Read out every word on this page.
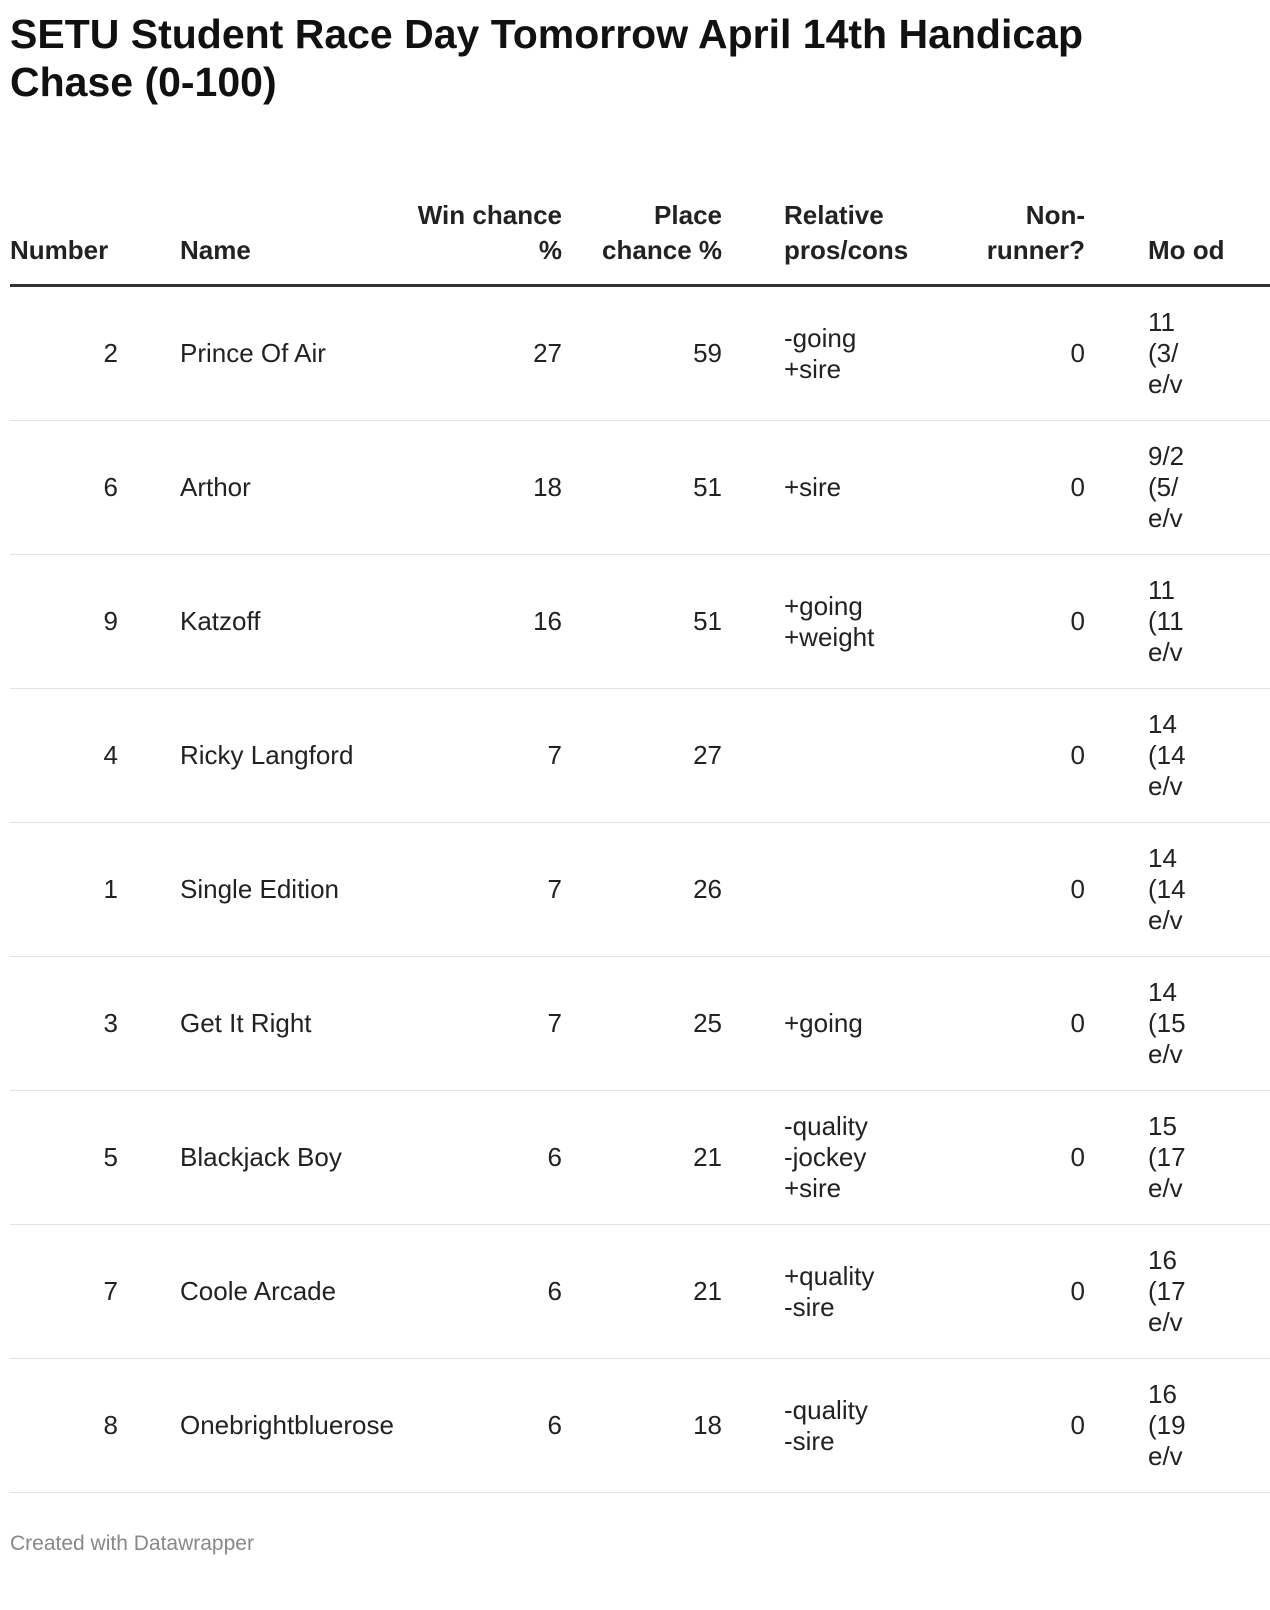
SETU Student Race Day Tomorrow April 14th Handicap Chase (0-100)
Number	Name	Win chance %	Place chance %	Relative pros/cons	Non-runner?	Mo od
2	Prince Of Air	27	59	-going
+sire	0	11
(3/
e/v
6	Arthor	18	51	+sire	0	9/2
(5/
e/v
9	Katzoff	16	51	+going
+weight	0	11
(11
e/v
4	Ricky Langford	7	27		0	14
(14
e/v
1	Single Edition	7	26		0	14
(14
e/v
3	Get It Right	7	25	+going	0	14
(15
e/v
5	Blackjack Boy	6	21	-quality
-jockey
+sire	0	15
(17
e/v
7	Coole Arcade	6	21	+quality
-sire	0	16
(17
e/v
8	Onebrightbluerose	6	18	-quality
-sire	0	16
(19
e/v
Created with Datawrapper
